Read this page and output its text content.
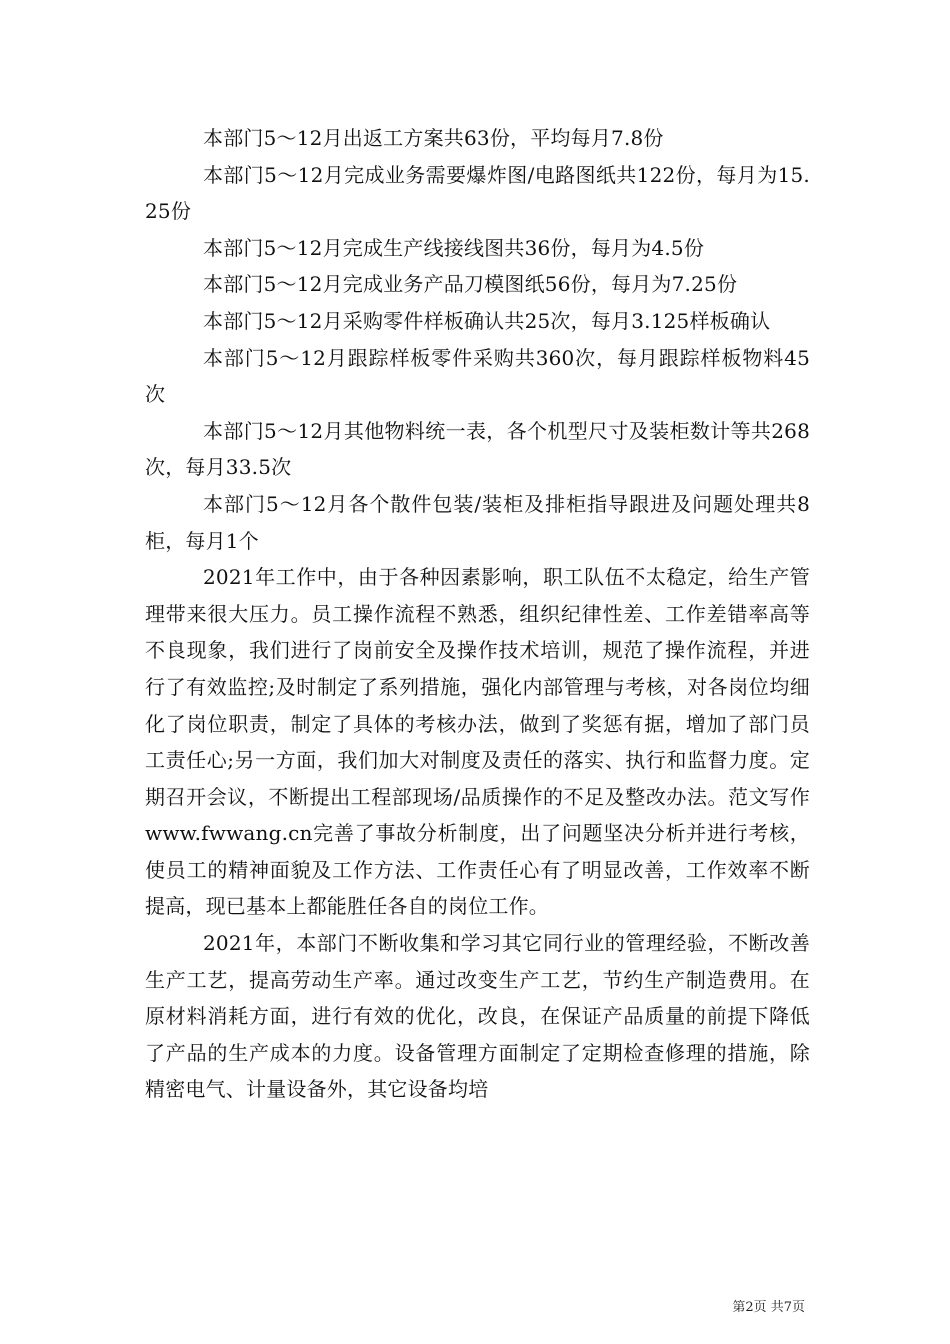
本部门5～12月出返工方案共63份，平均每月7.8份

本部门5～12月完成业务需要爆炸图/电路图纸共122份，每月为15.25份

本部门5～12月完成生产线接线图共36份，每月为4.5份

本部门5～12月完成业务产品刀模图纸56份，每月为7.25份

本部门5～12月采购零件样板确认共25次，每月3.125样板确认

本部门5～12月跟踪样板零件采购共360次，每月跟踪样板物料45次

本部门5～12月其他物料统一表，各个机型尺寸及装柜数计等共268次，每月33.5次

本部门5～12月各个散件包装/装柜及排柜指导跟进及问题处理共8柜，每月1个

2021年工作中，由于各种因素影响，职工队伍不太稳定，给生产管理带来很大压力。员工操作流程不熟悉，组织纪律性差、工作差错率高等不良现象，我们进行了岗前安全及操作技术培训，规范了操作流程，并进行了有效监控;及时制定了系列措施，强化内部管理与考核，对各岗位均细化了岗位职责，制定了具体的考核办法，做到了奖惩有据，增加了部门员工责任心;另一方面，我们加大对制度及责任的落实、执行和监督力度。定期召开会议，不断提出工程部现场/品质操作的不足及整改办法。范文写作www.fwwang.cn完善了事故分析制度，出了问题坚决分析并进行考核，使员工的精神面貌及工作方法、工作责任心有了明显改善，工作效率不断提高，现已基本上都能胜任各自的岗位工作。

2021年，本部门不断收集和学习其它同行业的管理经验，不断改善生产工艺，提高劳动生产率。通过改变生产工艺，节约生产制造费用。在原材料消耗方面，进行有效的优化，改良，在保证产品质量的前提下降低了产品的生产成本的力度。设备管理方面制定了定期检查修理的措施，除精密电气、计量设备外，其它设备均培

第2页 共7页
